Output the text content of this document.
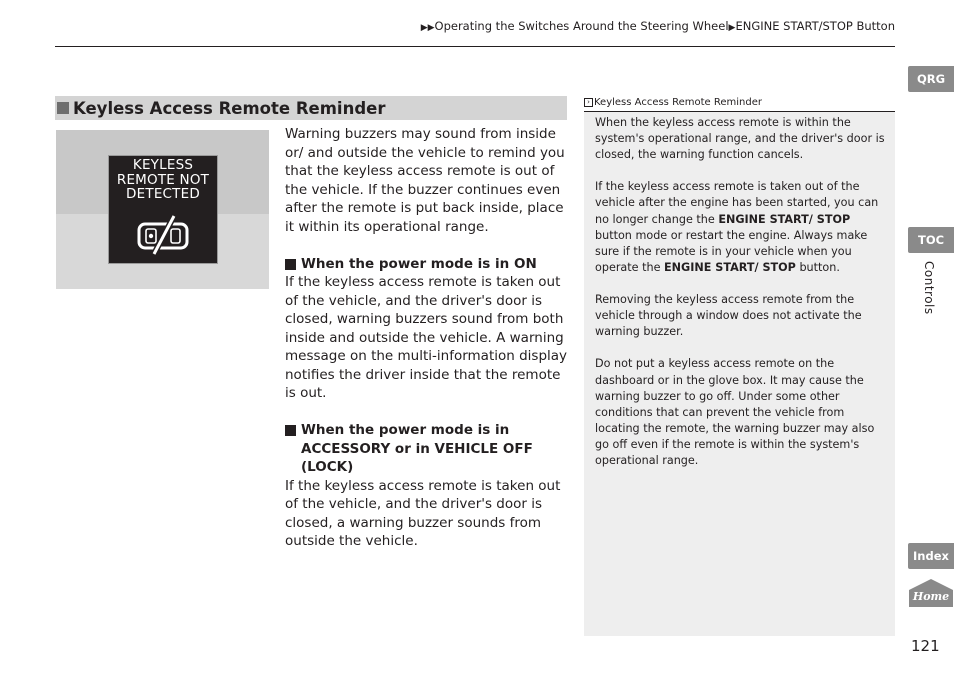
▶▶Operating the Switches Around the Steering Wheel▶ENGINE START/STOP Button
Keyless Access Remote Reminder
KEYLESS
REMOTE NOT
DETECTED

Warning buzzers may sound from inside or/ and outside the vehicle to remind you that the keyless access remote is out of the vehicle. If the buzzer continues even after the remote is put back inside, place it within its operational range.

When the power mode is in ON

If the keyless access remote is taken out of the vehicle, and the driver's door is closed, warning buzzers sound from both inside and outside the vehicle. A warning message on the multi-information display notifies the driver inside that the remote is out.

When the power mode is in ACCESSORY or in VEHICLE OFF (LOCK)

If the keyless access remote is taken out of the vehicle, and the driver's door is closed, a warning buzzer sounds from outside the vehicle.

› Keyless Access Remote Reminder

When the keyless access remote is within the system's operational range, and the driver's door is closed, the warning function cancels.

If the keyless access remote is taken out of the vehicle after the engine has been started, you can no longer change the ENGINE START/ STOP button mode or restart the engine. Always make sure if the remote is in your vehicle when you operate the ENGINE START/ STOP button.

Removing the keyless access remote from the vehicle through a window does not activate the warning buzzer.

Do not put a keyless access remote on the dashboard or in the glove box. It may cause the warning buzzer to go off. Under some other conditions that can prevent the vehicle from locating the remote, the warning buzzer may also go off even if the remote is within the system's operational range.

QRG
TOC
Controls
Index
Home
121
